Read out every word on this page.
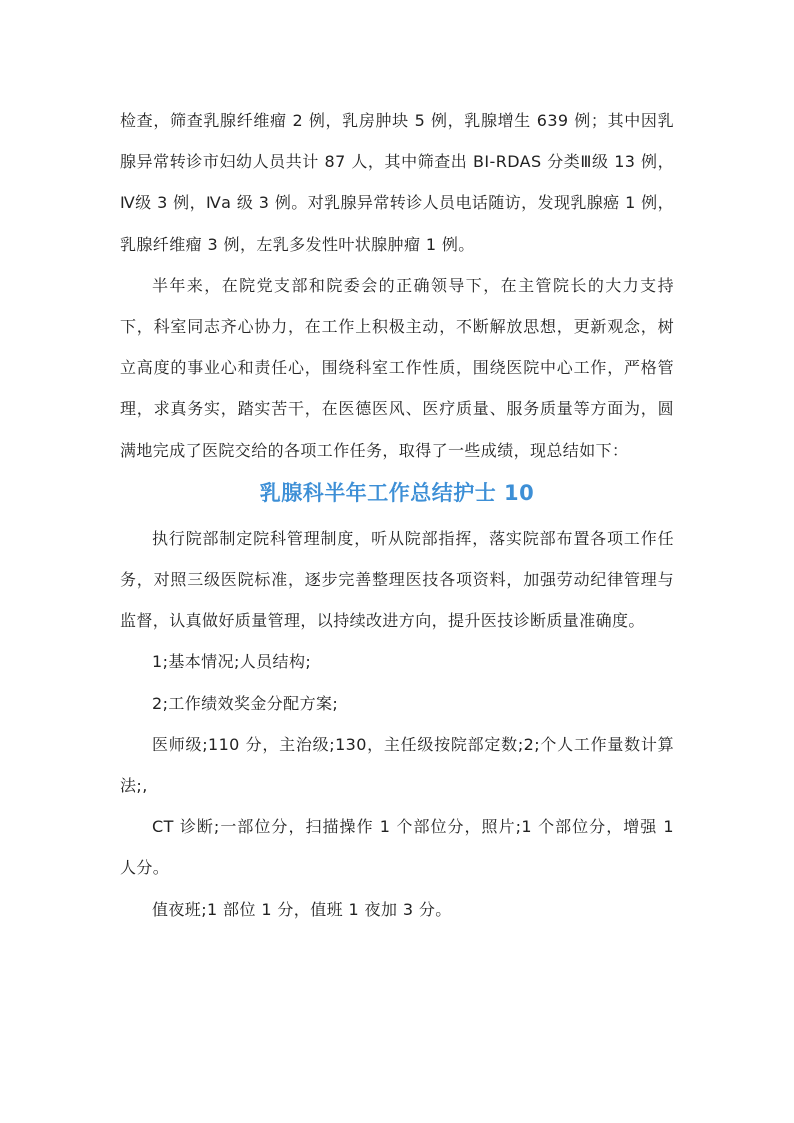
检查，筛查乳腺纤维瘤 2 例，乳房肿块 5 例，乳腺增生 639 例；其中因乳腺异常转诊市妇幼人员共计 87 人，其中筛查出 BI-RDAS 分类Ⅲ级 13 例，Ⅳ级 3 例，Ⅳa 级 3 例。对乳腺异常转诊人员电话随访，发现乳腺癌 1 例，乳腺纤维瘤 3 例，左乳多发性叶状腺肿瘤 1 例。

半年来，在院党支部和院委会的正确领导下，在主管院长的大力支持下，科室同志齐心协力，在工作上积极主动，不断解放思想，更新观念，树立高度的事业心和责任心，围绕科室工作性质，围绕医院中心工作，严格管理，求真务实，踏实苦干，在医德医风、医疗质量、服务质量等方面为，圆满地完成了医院交给的各项工作任务，取得了一些成绩，现总结如下：

乳腺科半年工作总结护士 10

执行院部制定院科管理制度，听从院部指挥，落实院部布置各项工作任务，对照三级医院标准，逐步完善整理医技各项资料，加强劳动纪律管理与监督，认真做好质量管理，以持续改进方向，提升医技诊断质量准确度。

1;基本情况;人员结构;

2;工作绩效奖金分配方案;

医师级;110 分，主治级;130，主任级按院部定数;2;个人工作量数计算法;,

CT 诊断;一部位分，扫描操作 1 个部位分，照片;1 个部位分，增强 1 人分。

值夜班;1 部位 1 分，值班 1 夜加 3 分。
